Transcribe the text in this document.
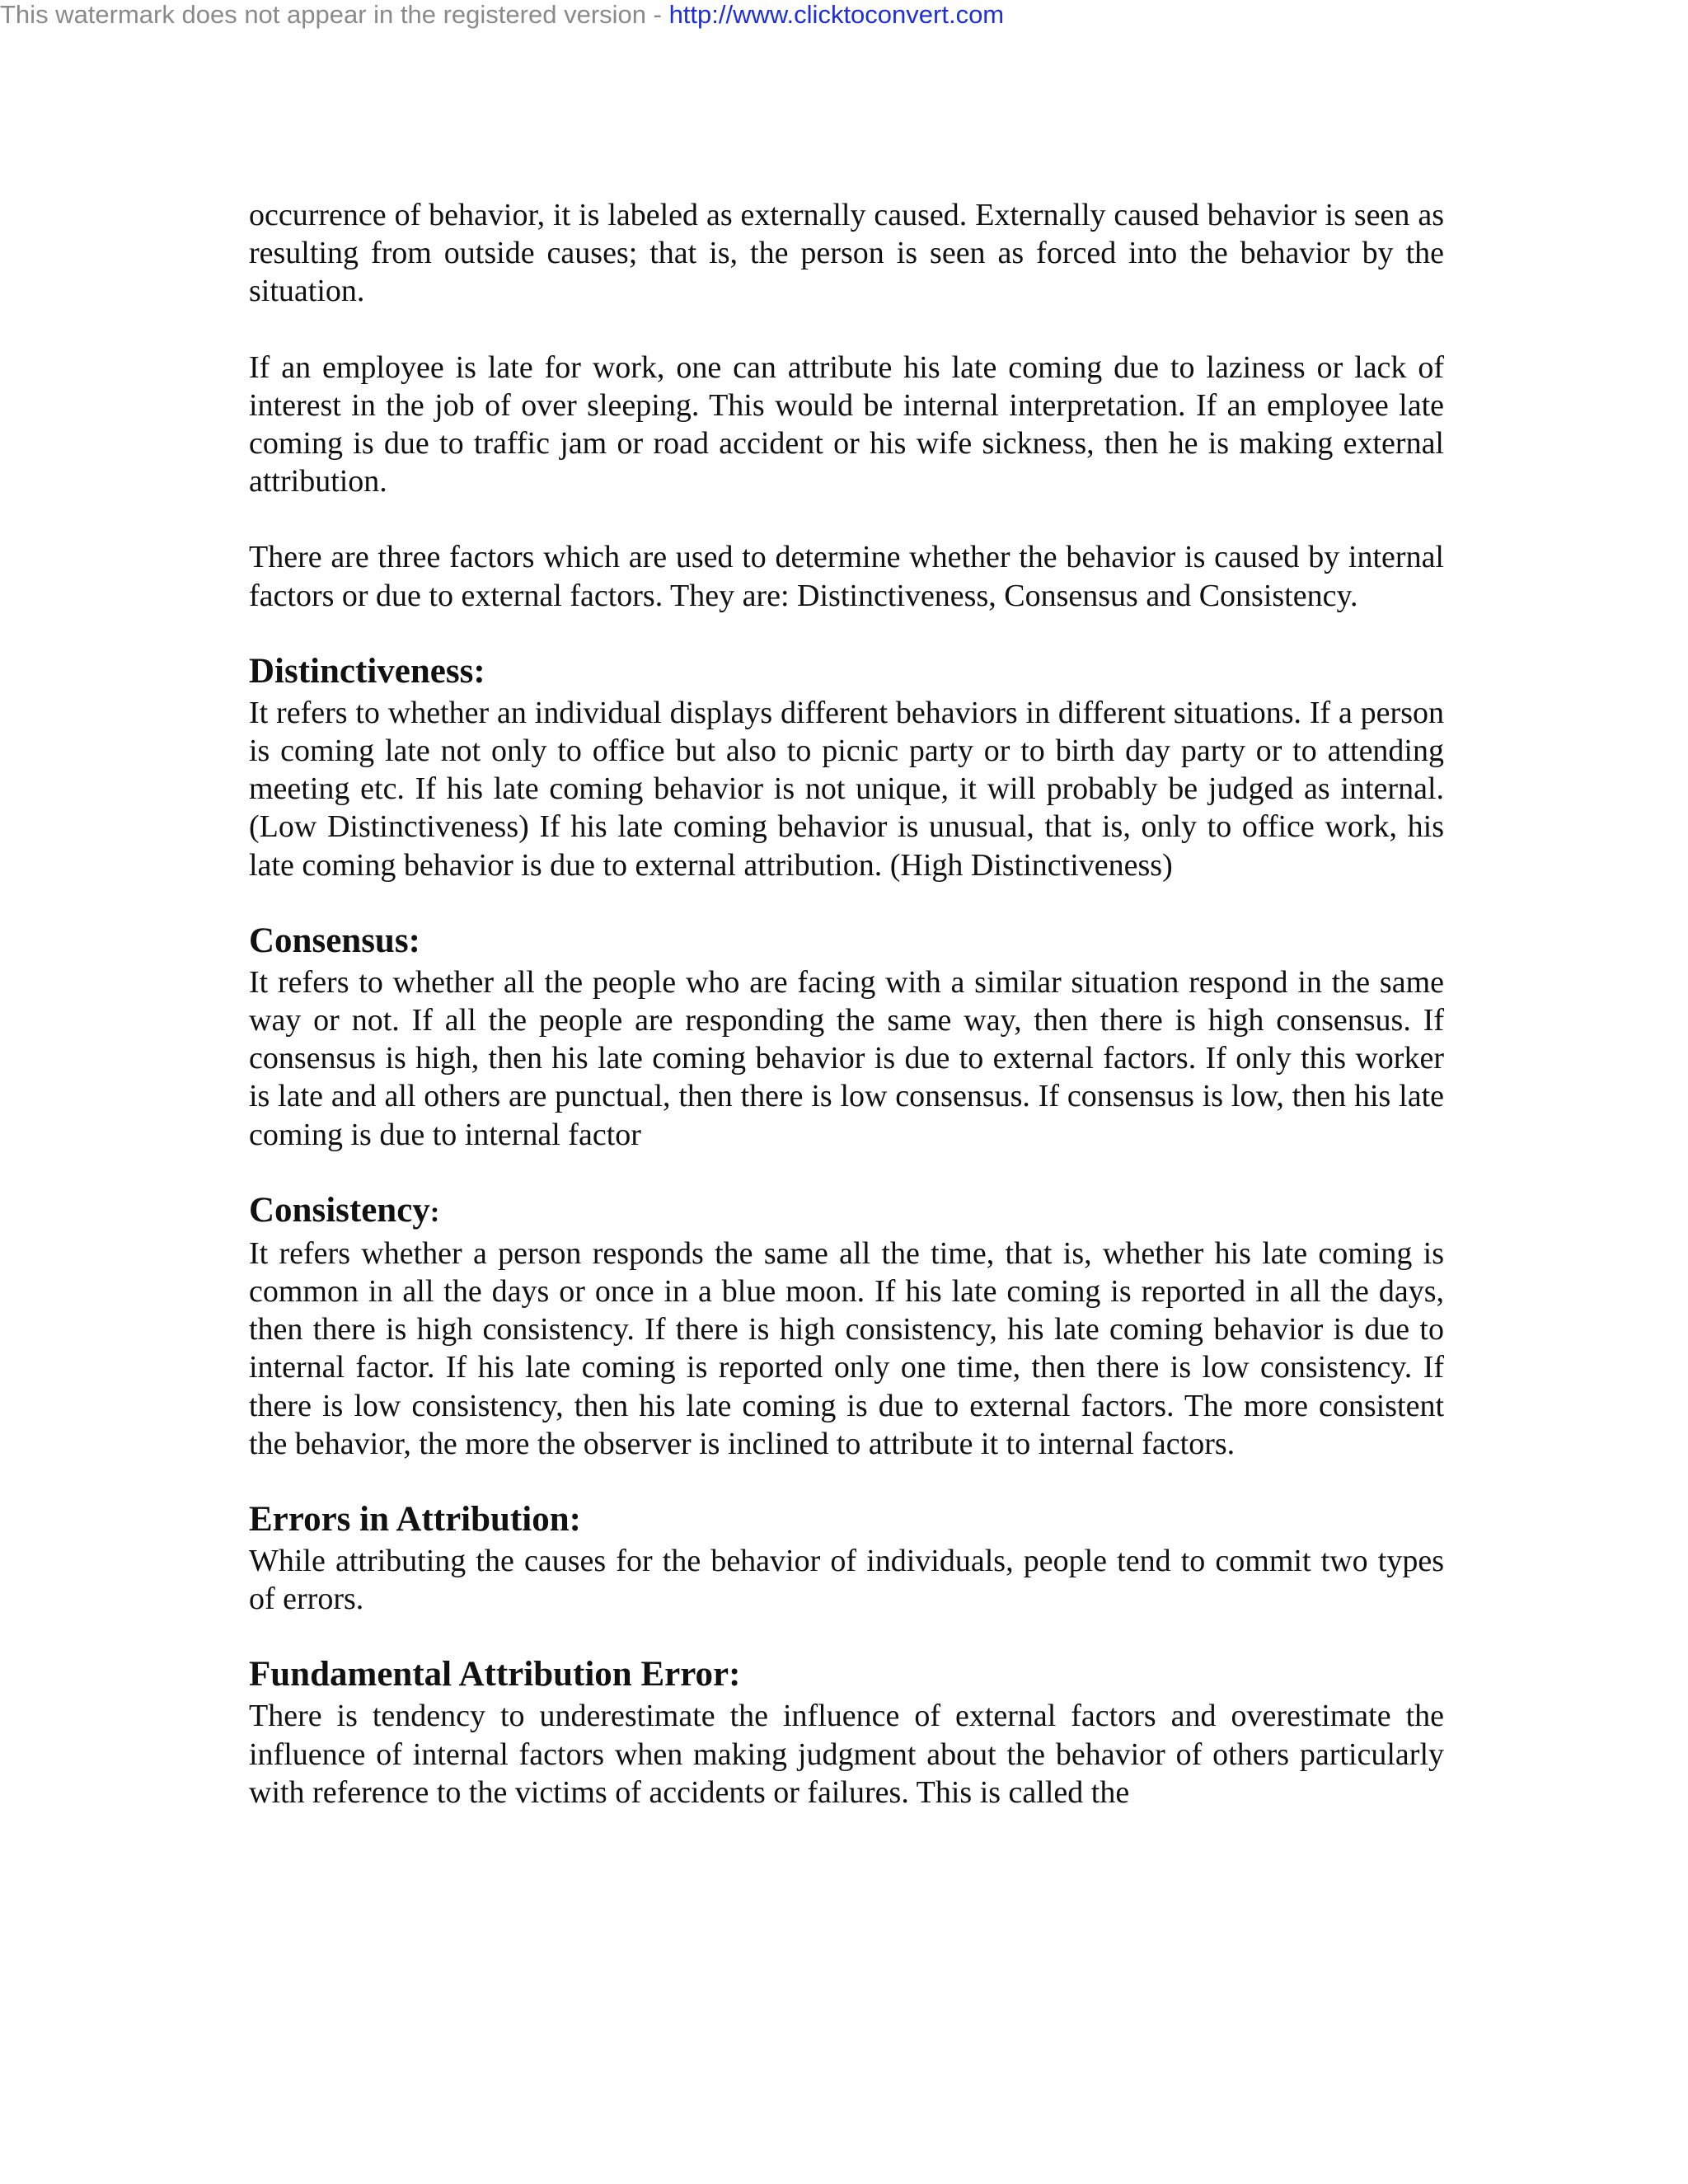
This watermark does not appear in the registered version - http://www.clicktoconvert.com

occurrence of behavior, it is labeled as externally caused. Externally caused behavior is seen as resulting from outside causes; that is, the person is seen as forced into the behavior by the situation.

If an employee is late for work, one can attribute his late coming due to laziness or lack of interest in the job of over sleeping. This would be internal interpretation. If an employee late coming is due to traffic jam or road accident or his wife sickness, then he is making external attribution.

There are three factors which are used to determine whether the behavior is caused by internal factors or due to external factors. They are: Distinctiveness, Consensus and Consistency.

Distinctiveness:

It refers to whether an individual displays different behaviors in different situations. If a person is coming late not only to office but also to picnic party or to birth day party or to attending meeting etc. If his late coming behavior is not unique, it will probably be judged as internal. (Low Distinctiveness) If his late coming behavior is unusual, that is, only to office work, his late coming behavior is due to external attribution. (High Distinctiveness)

Consensus:

It refers to whether all the people who are facing with a similar situation respond in the same way or not. If all the people are responding the same way, then there is high consensus. If consensus is high, then his late coming behavior is due to external factors. If only this worker is late and all others are punctual, then there is low consensus. If consensus is low, then his late coming is due to internal factor

Consistency:

It refers whether a person responds the same all the time, that is, whether his late coming is common in all the days or once in a blue moon. If his late coming is reported in all the days, then there is high consistency. If there is high consistency, his late coming behavior is due to internal factor. If his late coming is reported only one time, then there is low consistency. If there is low consistency, then his late coming is due to external factors. The more consistent the behavior, the more the observer is inclined to attribute it to internal factors.

Errors in Attribution:

While attributing the causes for the behavior of individuals, people tend to commit two types of errors.

Fundamental Attribution Error:

There is tendency to underestimate the influence of external factors and overestimate the influence of internal factors when making judgment about the behavior of others particularly with reference to the victims of accidents or failures. This is called the
